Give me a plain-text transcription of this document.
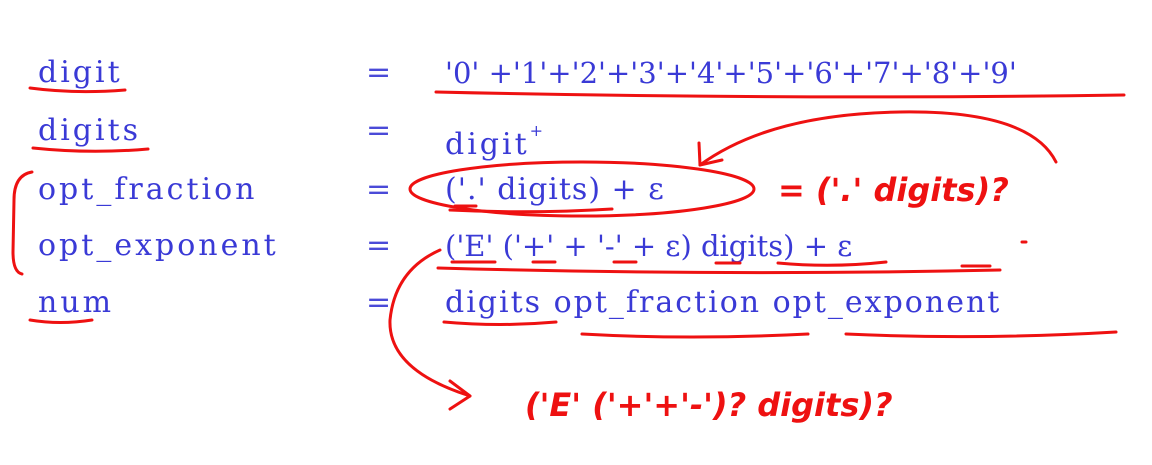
digit
digits
opt_fraction
opt_exponent
num
=
=
=
=
=
'0' +'1'+'2'+'3'+'4'+'5'+'6'+'7'+'8'+'9'
digit+
('.' digits) + ε
('E' ('+' + '-' + ε) digits) + ε
digits opt_fraction opt_exponent
= ('.' digits)?
('E' ('+'+'-')? digits)?
